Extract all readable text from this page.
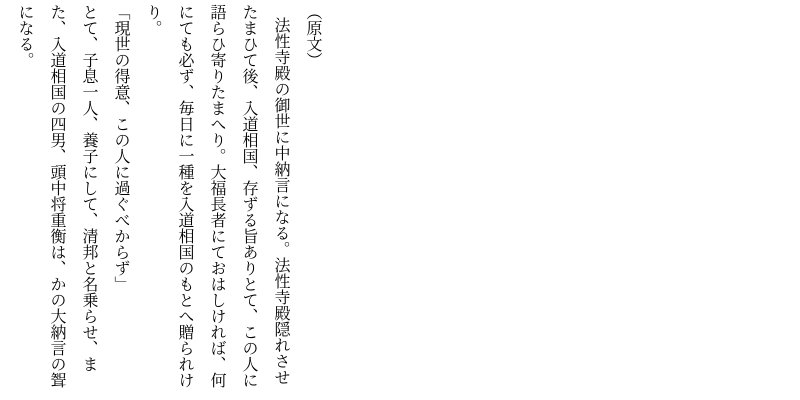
（原文）

法性寺殿の御世に中納言になる。法性寺殿隠れさせたまひて後、入道相国、存ずる旨ありとて、この人に語らひ寄りたまへり。大福長者にておはしければ、何にても必ず、毎日に一種を入道相国のもとへ贈られけり。

「現世の得意、この人に過ぐべからず」

とて、子息一人、養子にして、清邦と名乗らせ、また、入道相国の四男、頭中将重衡は、かの大納言の聟になる。
